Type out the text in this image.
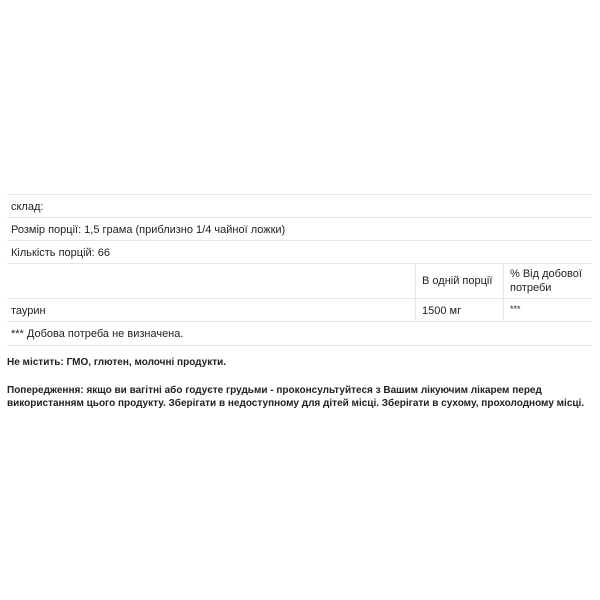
склад:
Розмір порції: 1,5 грама (приблизно 1/4 чайної ложки)
Кількість порцій: 66
В одній порції
% Від добової потреби
таурин	1500 мг	***
*** Добова потреба не визначена.

Не містить: ГМО, глютен, молочні продукти.

Попередження: якщо ви вагітні або годуєте грудьми - проконсультуйтеся з Вашим лікуючим лікарем перед використанням цього продукту. Зберігати в недоступному для дітей місці. Зберігати в сухому, прохолодному місці.
